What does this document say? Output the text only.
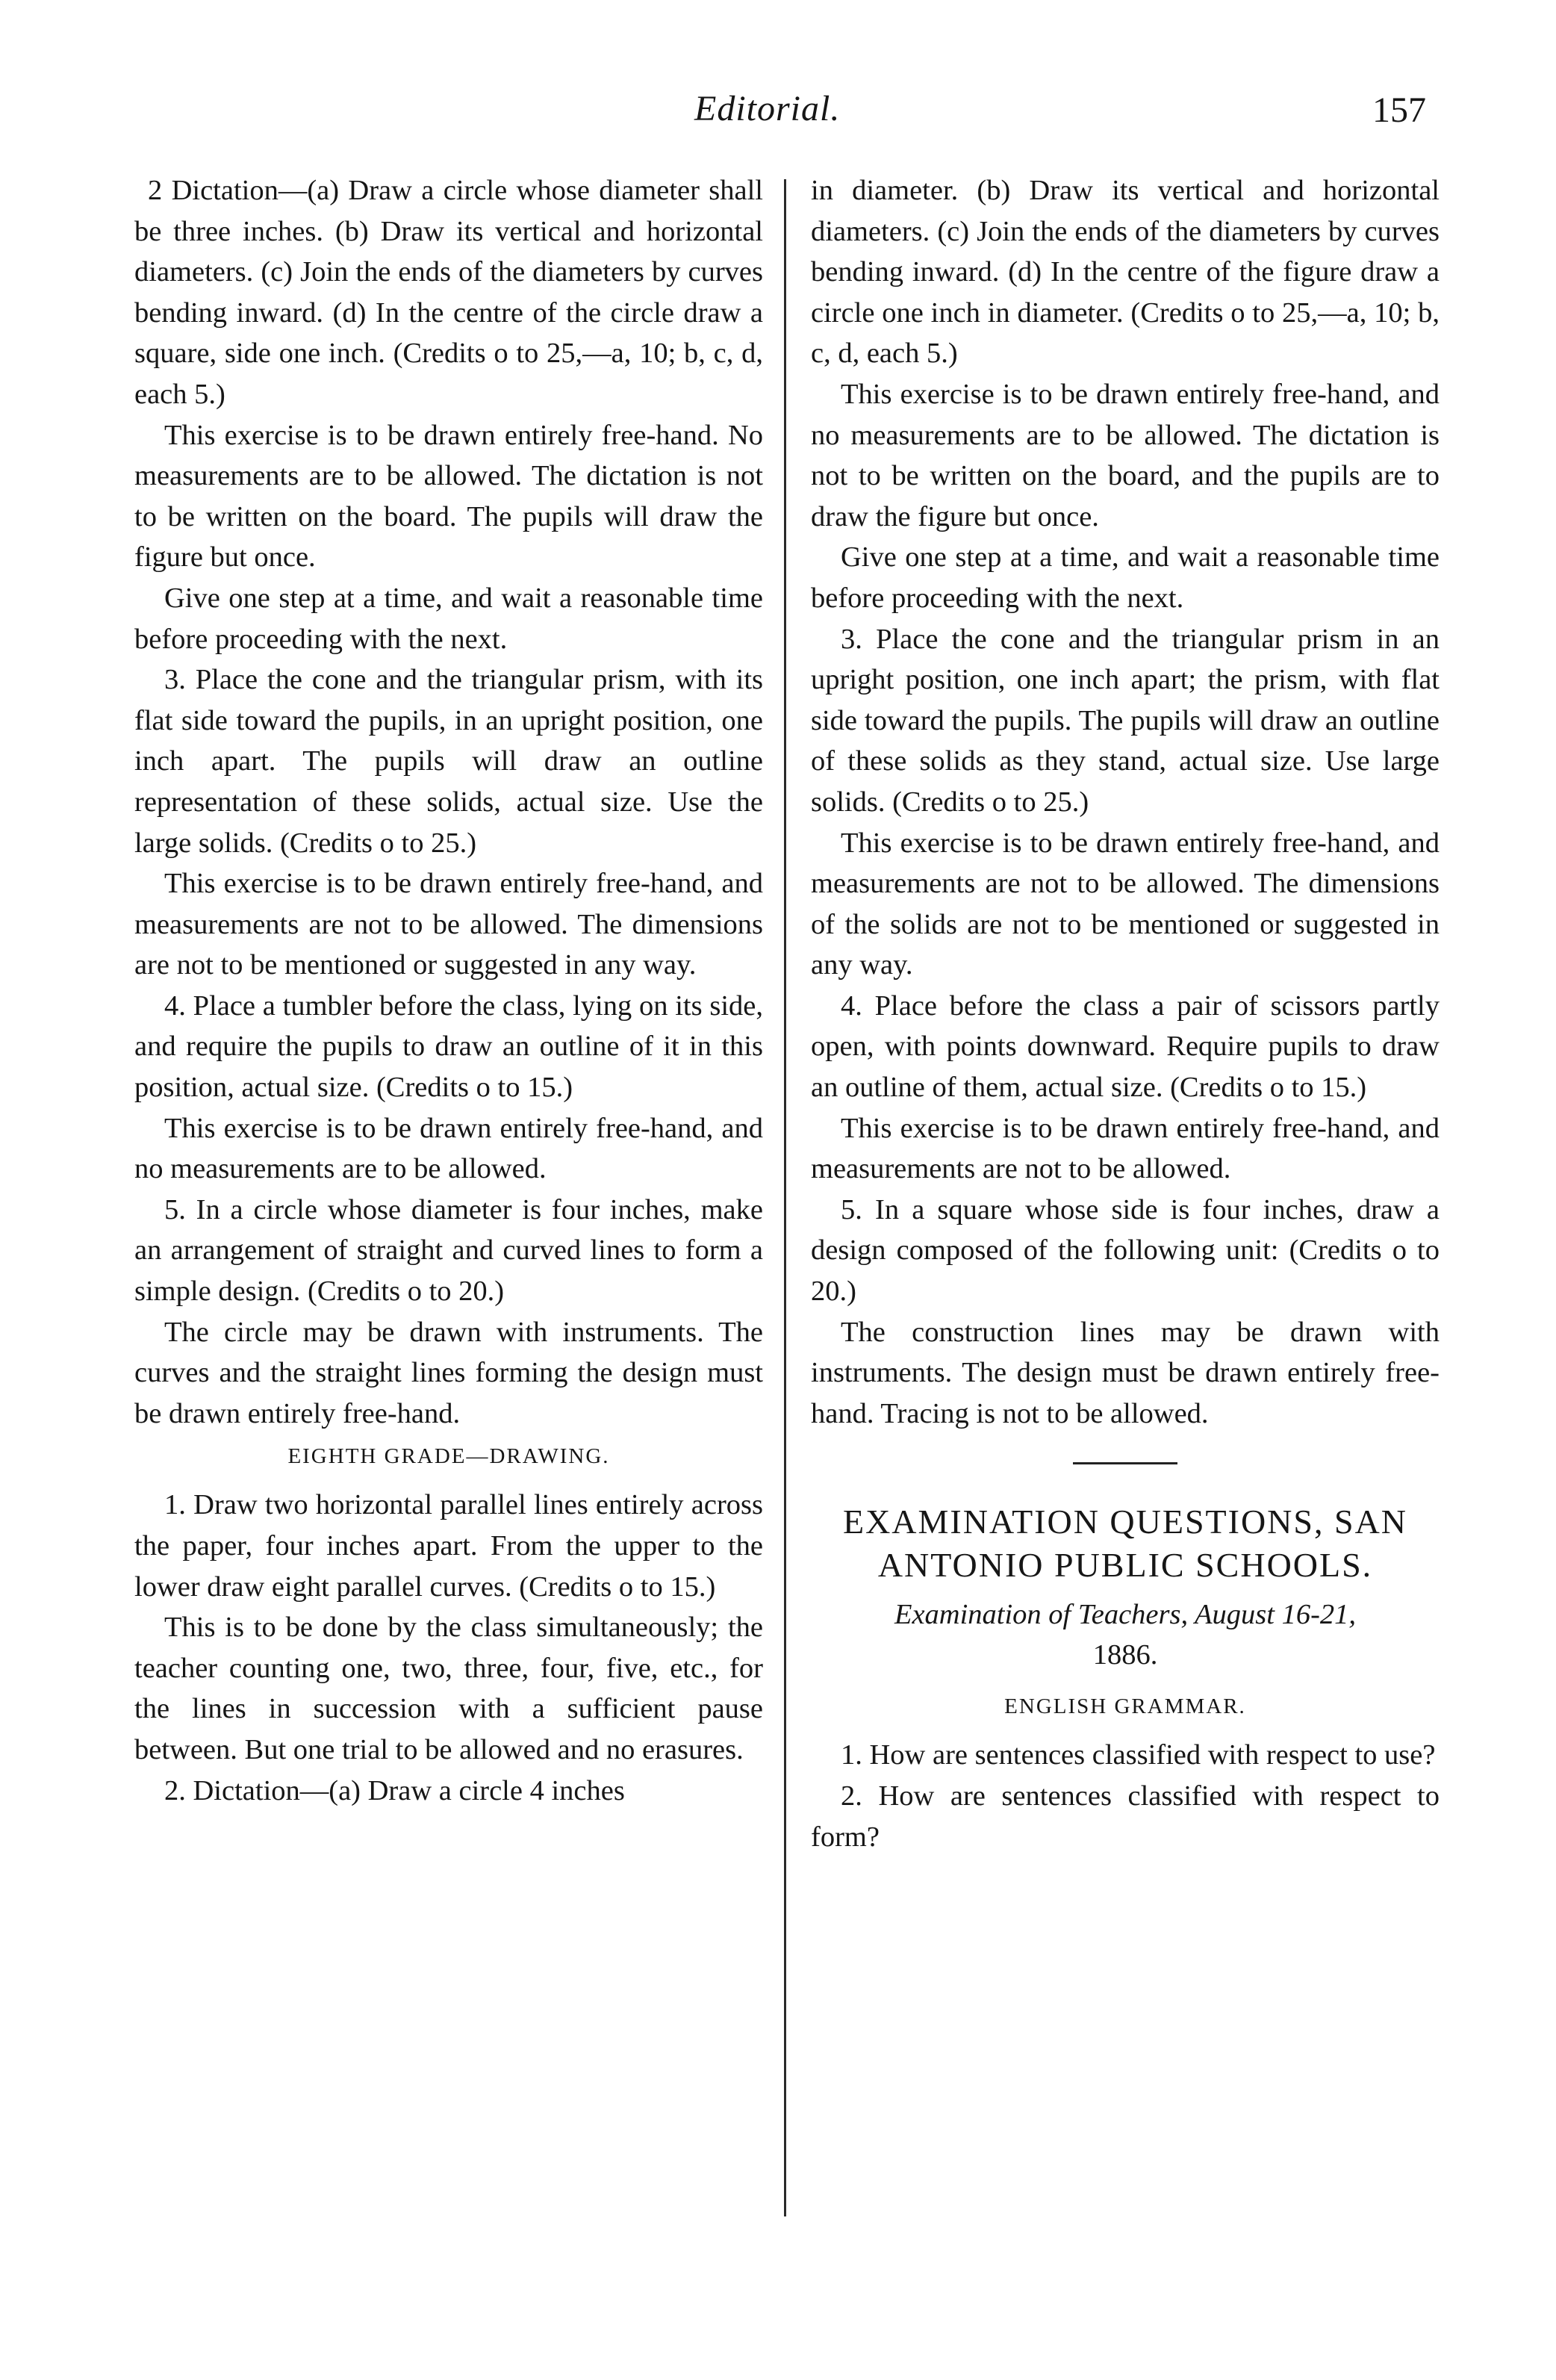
Editorial.	157

2 Dictation—(a) Draw a circle whose diameter shall be three inches. (b) Draw its vertical and horizontal diameters. (c) Join the ends of the diameters by curves bending inward. (d) In the centre of the circle draw a square, side one inch. (Credits o to 25,—a, 10; b, c, d, each 5.)

This exercise is to be drawn entirely free-hand. No measurements are to be allowed. The dictation is not to be written on the board. The pupils will draw the figure but once.

Give one step at a time, and wait a reasonable time before proceeding with the next.

3. Place the cone and the triangular prism, with its flat side toward the pupils, in an upright position, one inch apart. The pupils will draw an outline representation of these solids, actual size. Use the large solids. (Credits o to 25.)

This exercise is to be drawn entirely free-hand, and measurements are not to be allowed. The dimensions are not to be mentioned or suggested in any way.

4. Place a tumbler before the class, lying on its side, and require the pupils to draw an outline of it in this position, actual size. (Credits o to 15.)

This exercise is to be drawn entirely free-hand, and no measurements are to be allowed.

5. In a circle whose diameter is four inches, make an arrangement of straight and curved lines to form a simple design. (Credits o to 20.)

The circle may be drawn with instruments. The curves and the straight lines forming the design must be drawn entirely free-hand.

EIGHTH GRADE—DRAWING.

1. Draw two horizontal parallel lines entirely across the paper, four inches apart. From the upper to the lower draw eight parallel curves. (Credits o to 15.)

This is to be done by the class simultaneously; the teacher counting one, two, three, four, five, etc., for the lines in succession with a sufficient pause between. But one trial to be allowed and no erasures.

2. Dictation—(a) Draw a circle 4 inches

in diameter. (b) Draw its vertical and horizontal diameters. (c) Join the ends of the diameters by curves bending inward. (d) In the centre of the figure draw a circle one inch in diameter. (Credits o to 25,—a, 10; b, c, d, each 5.)

This exercise is to be drawn entirely free-hand, and no measurements are to be allowed. The dictation is not to be written on the board, and the pupils are to draw the figure but once.

Give one step at a time, and wait a reasonable time before proceeding with the next.

3. Place the cone and the triangular prism in an upright position, one inch apart; the prism, with flat side toward the pupils. The pupils will draw an outline of these solids as they stand, actual size. Use large solids. (Credits o to 25.)

This exercise is to be drawn entirely free-hand, and measurements are not to be allowed. The dimensions of the solids are not to be mentioned or suggested in any way.

4. Place before the class a pair of scissors partly open, with points downward. Require pupils to draw an outline of them, actual size. (Credits o to 15.)

This exercise is to be drawn entirely free-hand, and measurements are not to be allowed.

5. In a square whose side is four inches, draw a design composed of the following unit: (Credits o to 20.)

The construction lines may be drawn with instruments. The design must be drawn entirely free-hand. Tracing is not to be allowed.

EXAMINATION QUESTIONS, SAN
ANTONIO PUBLIC SCHOOLS.
Examination of Teachers, August 16-21,
1886.
ENGLISH GRAMMAR.

1. How are sentences classified with respect to use?

2. How are sentences classified with respect to form?
